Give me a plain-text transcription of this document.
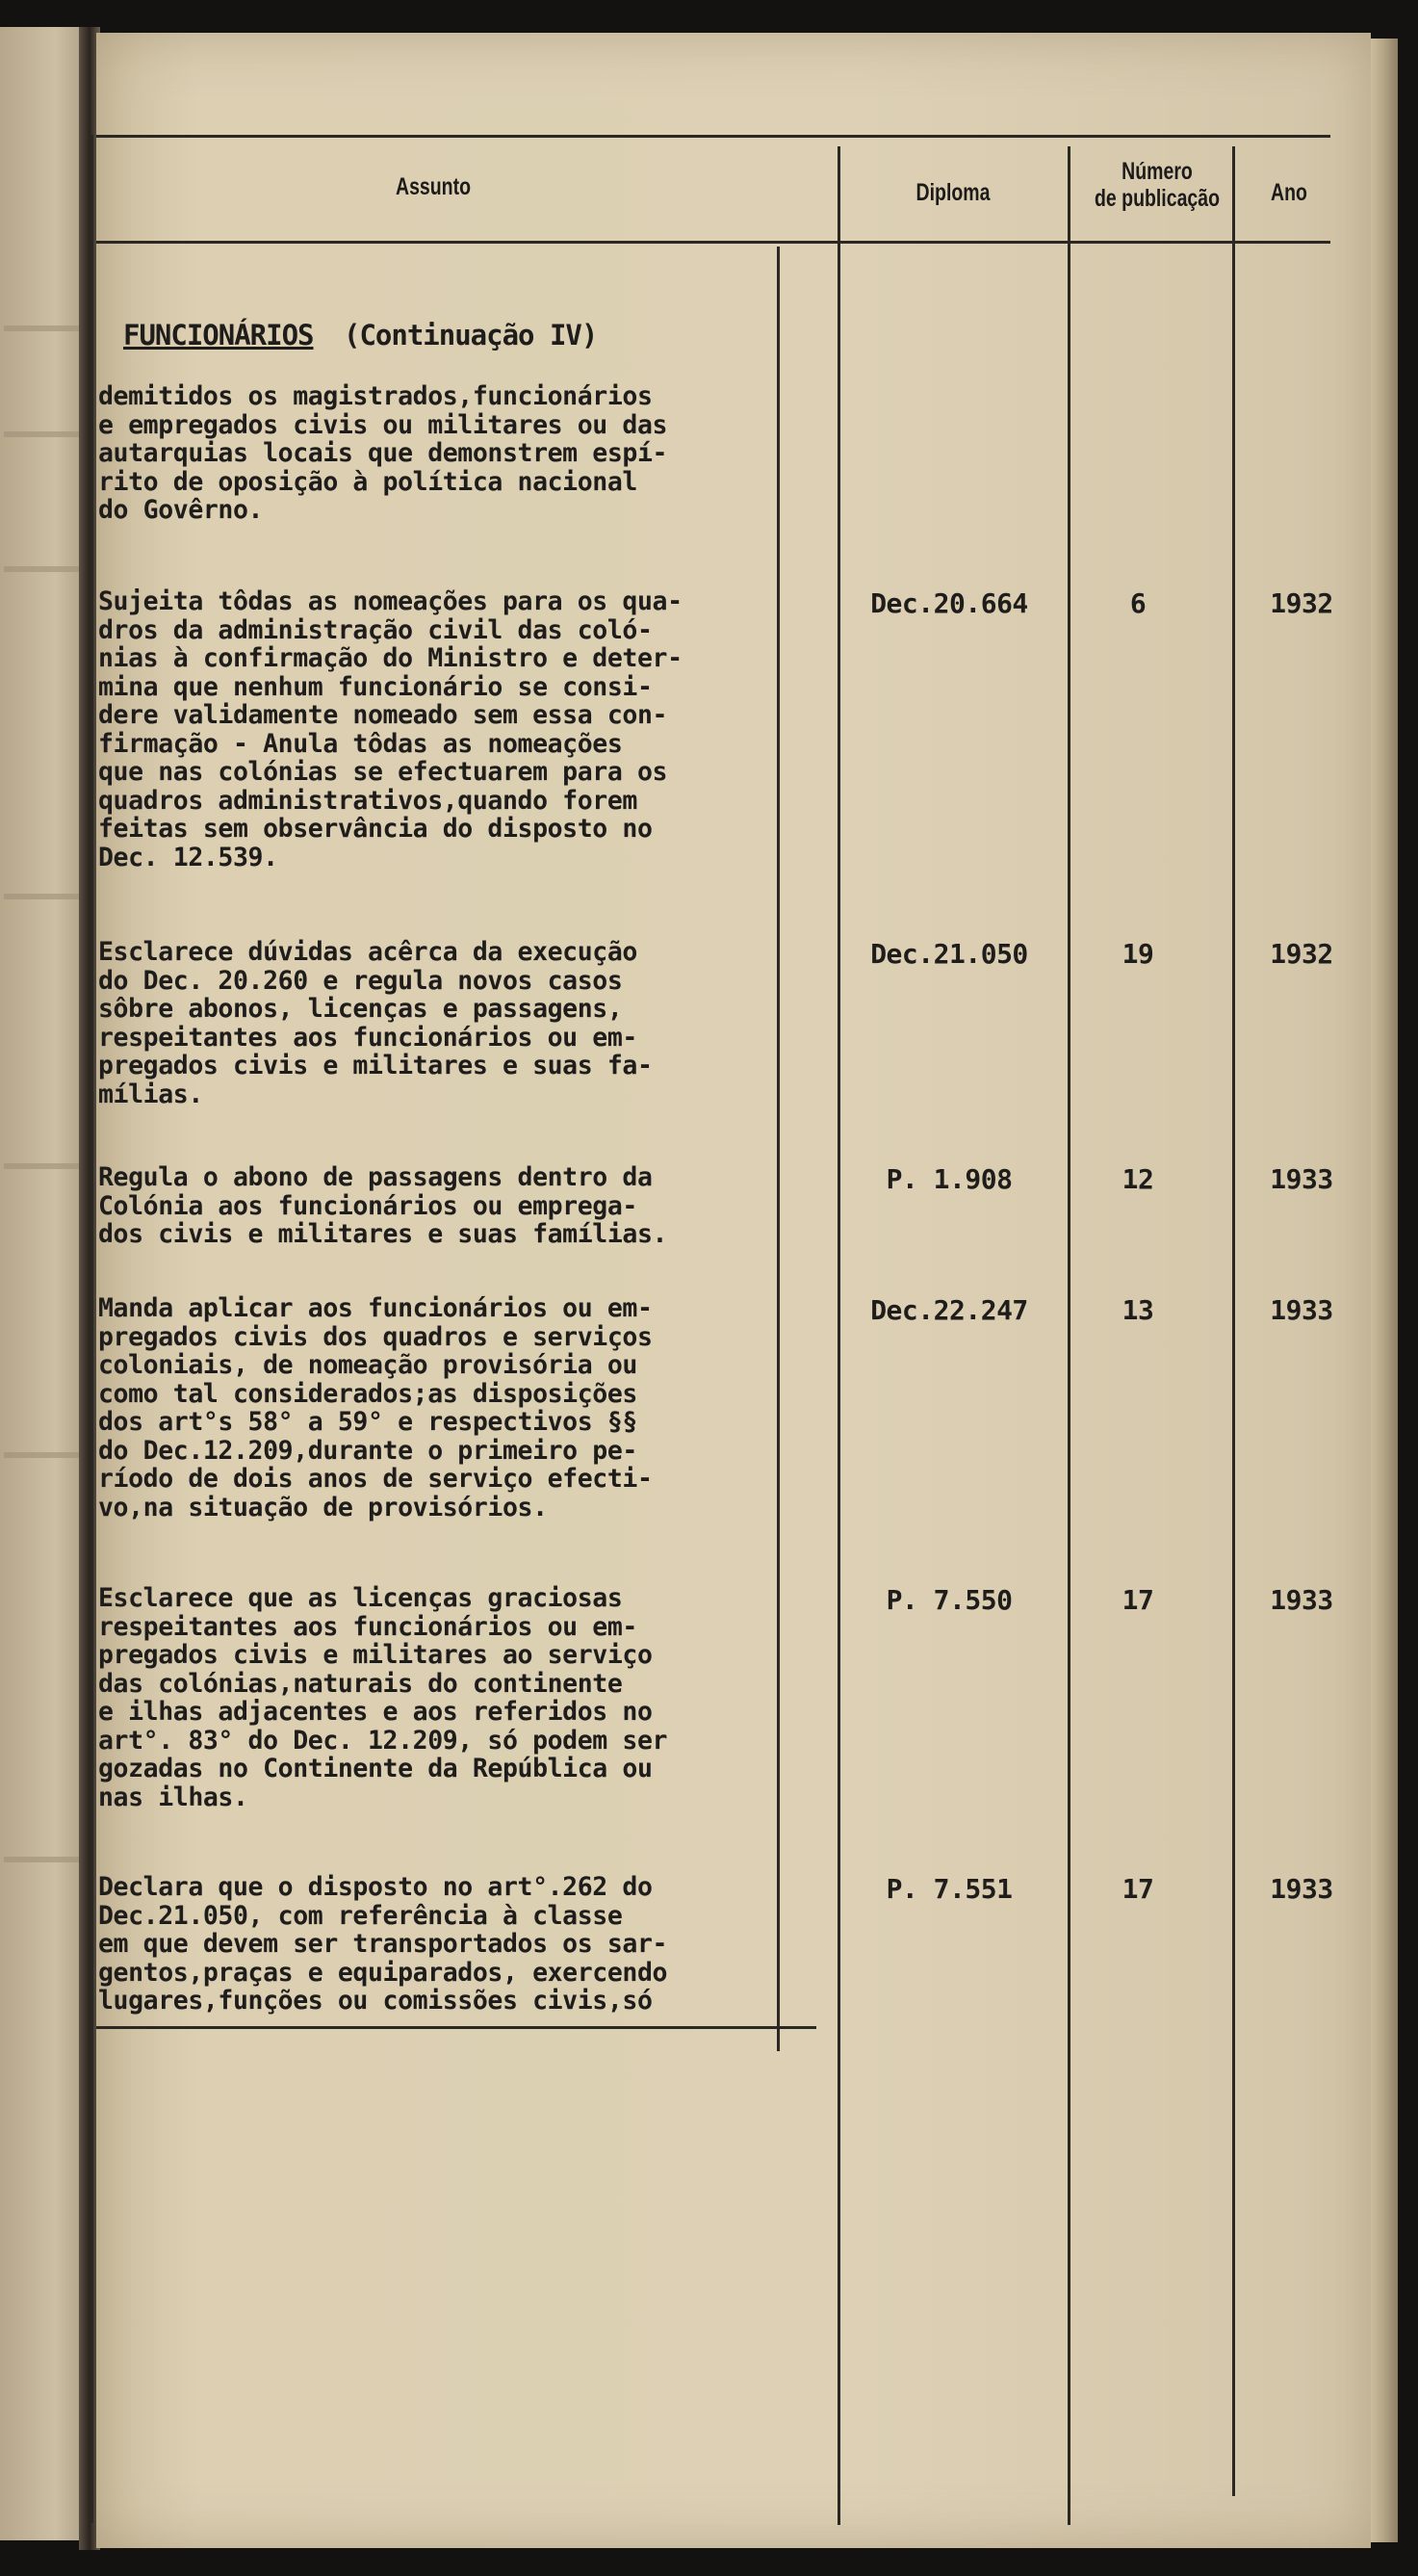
Assunto	Diploma
Número
de publicação	Ano
FUNCIONÁRIOS (Continuação IV)
demitidos os magistrados,funcionários
e empregados civis ou militares ou das
autarquias locais que demonstrem espí-
rito de oposição à política nacional
do Govêrno.
Sujeita tôdas as nomeações para os qua-
dros da administração civil das coló-
nias à confirmação do Ministro e deter-
mina que nenhum funcionário se consi-
dere validamente nomeado sem essa con-
firmação - Anula tôdas as nomeações
que nas colónias se efectuarem para os
quadros administrativos,quando forem
feitas sem observância do disposto no
Dec. 12.539.
Dec.20.664	6	1932
Esclarece dúvidas acêrca da execução
do Dec. 20.260 e regula novos casos
sôbre abonos, licenças e passagens,
respeitantes aos funcionários ou em-
pregados civis e militares e suas fa-
mílias.
Dec.21.050	19	1932
Regula o abono de passagens dentro da
Colónia aos funcionários ou emprega-
dos civis e militares e suas famílias.
P. 1.908	12	1933
Manda aplicar aos funcionários ou em-
pregados civis dos quadros e serviços
coloniais, de nomeação provisória ou
como tal considerados;as disposições
dos art°s 58° a 59° e respectivos §§
do Dec.12.209,durante o primeiro pe-
ríodo de dois anos de serviço efecti-
vo,na situação de provisórios.
Dec.22.247	13	1933
Esclarece que as licenças graciosas
respeitantes aos funcionários ou em-
pregados civis e militares ao serviço
das colónias,naturais do continente
e ilhas adjacentes e aos referidos no
art°. 83° do Dec. 12.209, só podem ser
gozadas no Continente da República ou
nas ilhas.
P. 7.550	17	1933
Declara que o disposto no art°.262 do
Dec.21.050, com referência à classe
em que devem ser transportados os sar-
gentos,praças e equiparados, exercendo
lugares,funções ou comissões civis,só
P. 7.551	17	1933
